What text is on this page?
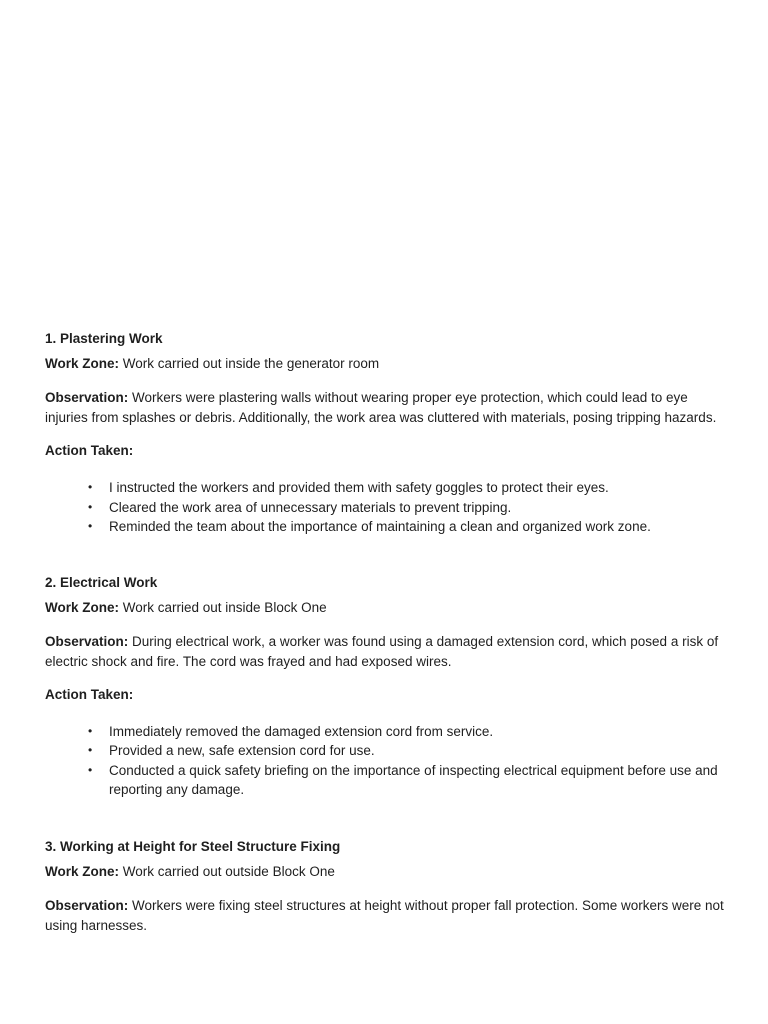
1. Plastering Work
Work Zone: Work carried out inside the generator room
Observation: Workers were plastering walls without wearing proper eye protection, which could lead to eye injuries from splashes or debris. Additionally, the work area was cluttered with materials, posing tripping hazards.
Action Taken:
• I instructed the workers and provided them with safety goggles to protect their eyes.
• Cleared the work area of unnecessary materials to prevent tripping.
• Reminded the team about the importance of maintaining a clean and organized work zone.
2. Electrical Work
Work Zone: Work carried out inside Block One
Observation: During electrical work, a worker was found using a damaged extension cord, which posed a risk of electric shock and fire. The cord was frayed and had exposed wires.
Action Taken:
• Immediately removed the damaged extension cord from service.
• Provided a new, safe extension cord for use.
• Conducted a quick safety briefing on the importance of inspecting electrical equipment before use and reporting any damage.
3. Working at Height for Steel Structure Fixing
Work Zone: Work carried out outside Block One
Observation: Workers were fixing steel structures at height without proper fall protection. Some workers were not using harnesses.
